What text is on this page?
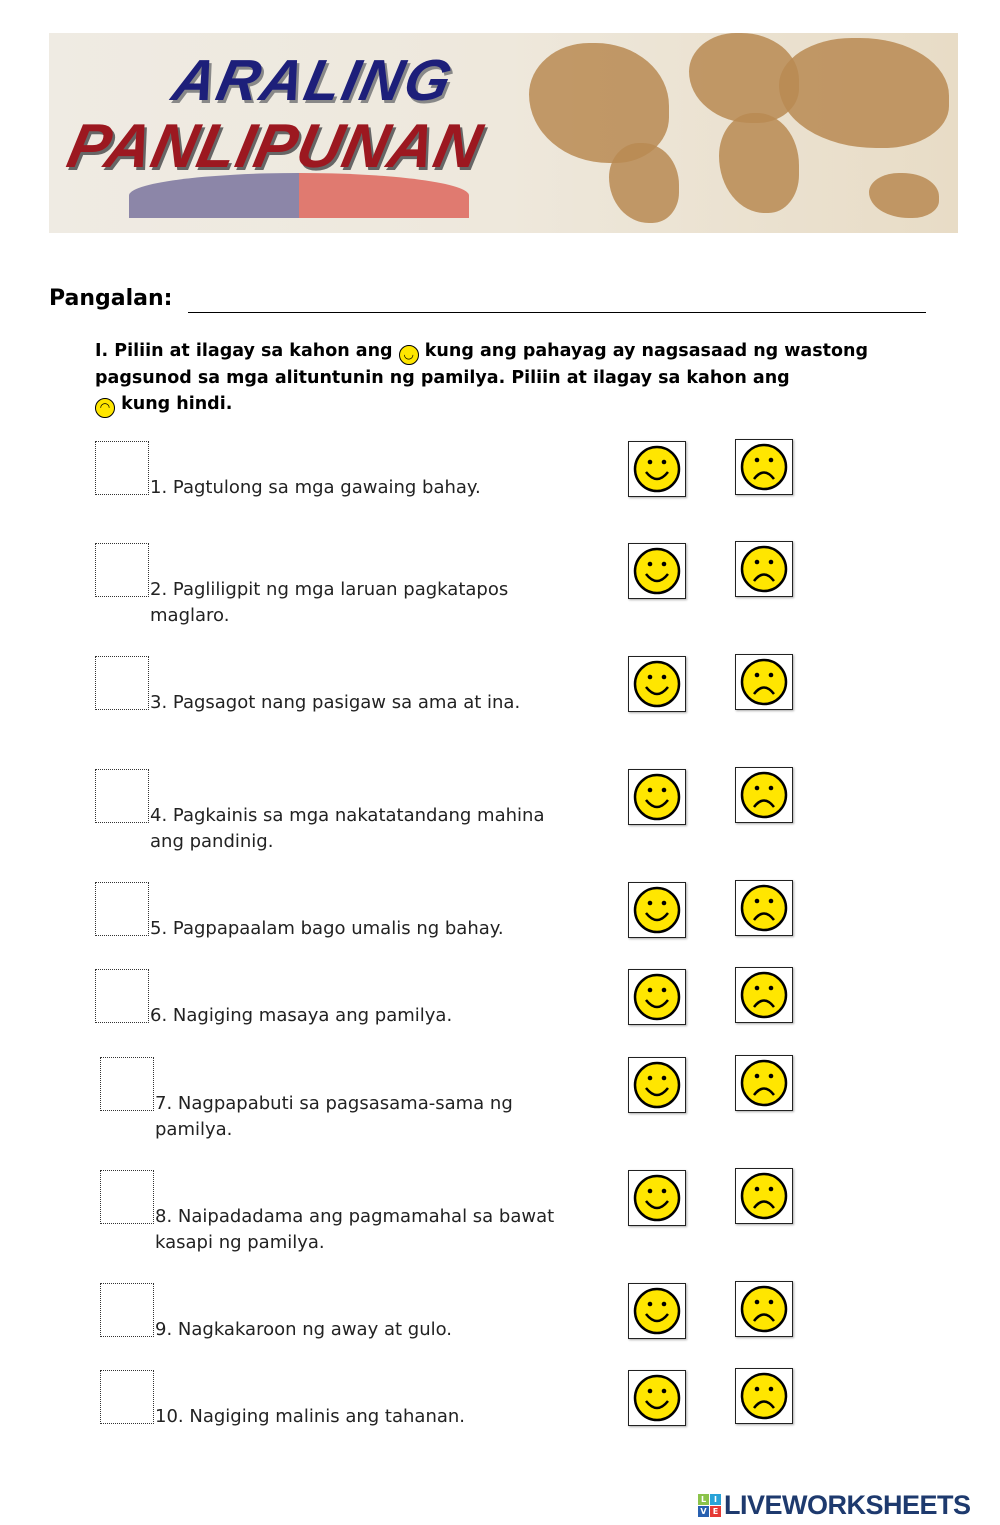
ARALING
PANLIPUNAN
Pangalan:
I. Piliin at ilagay sa kahon ang ◡ kung ang pahayag ay nagsasaad ng wastong pagsunod sa mga alituntunin ng pamilya. Piliin at ilagay sa kahon ang
◠ kung hindi.
1. Pagtulong sa mga gawaing bahay.
2. Pagliligpit ng mga laruan pagkatapos maglaro.
3. Pagsagot nang pasigaw sa ama at ina.
4. Pagkainis sa mga nakatatandang mahina ang pandinig.
5. Pagpapaalam bago umalis ng bahay.
6. Nagiging masaya ang pamilya.
7. Nagpapabuti sa pagsasama-sama ng pamilya.
8. Naipadadama ang pagmamahal sa bawat kasapi ng pamilya.
9. Nagkakaroon ng away at gulo.
10. Nagiging malinis ang tahanan.
L I
V E LIVEWORKSHEETS
